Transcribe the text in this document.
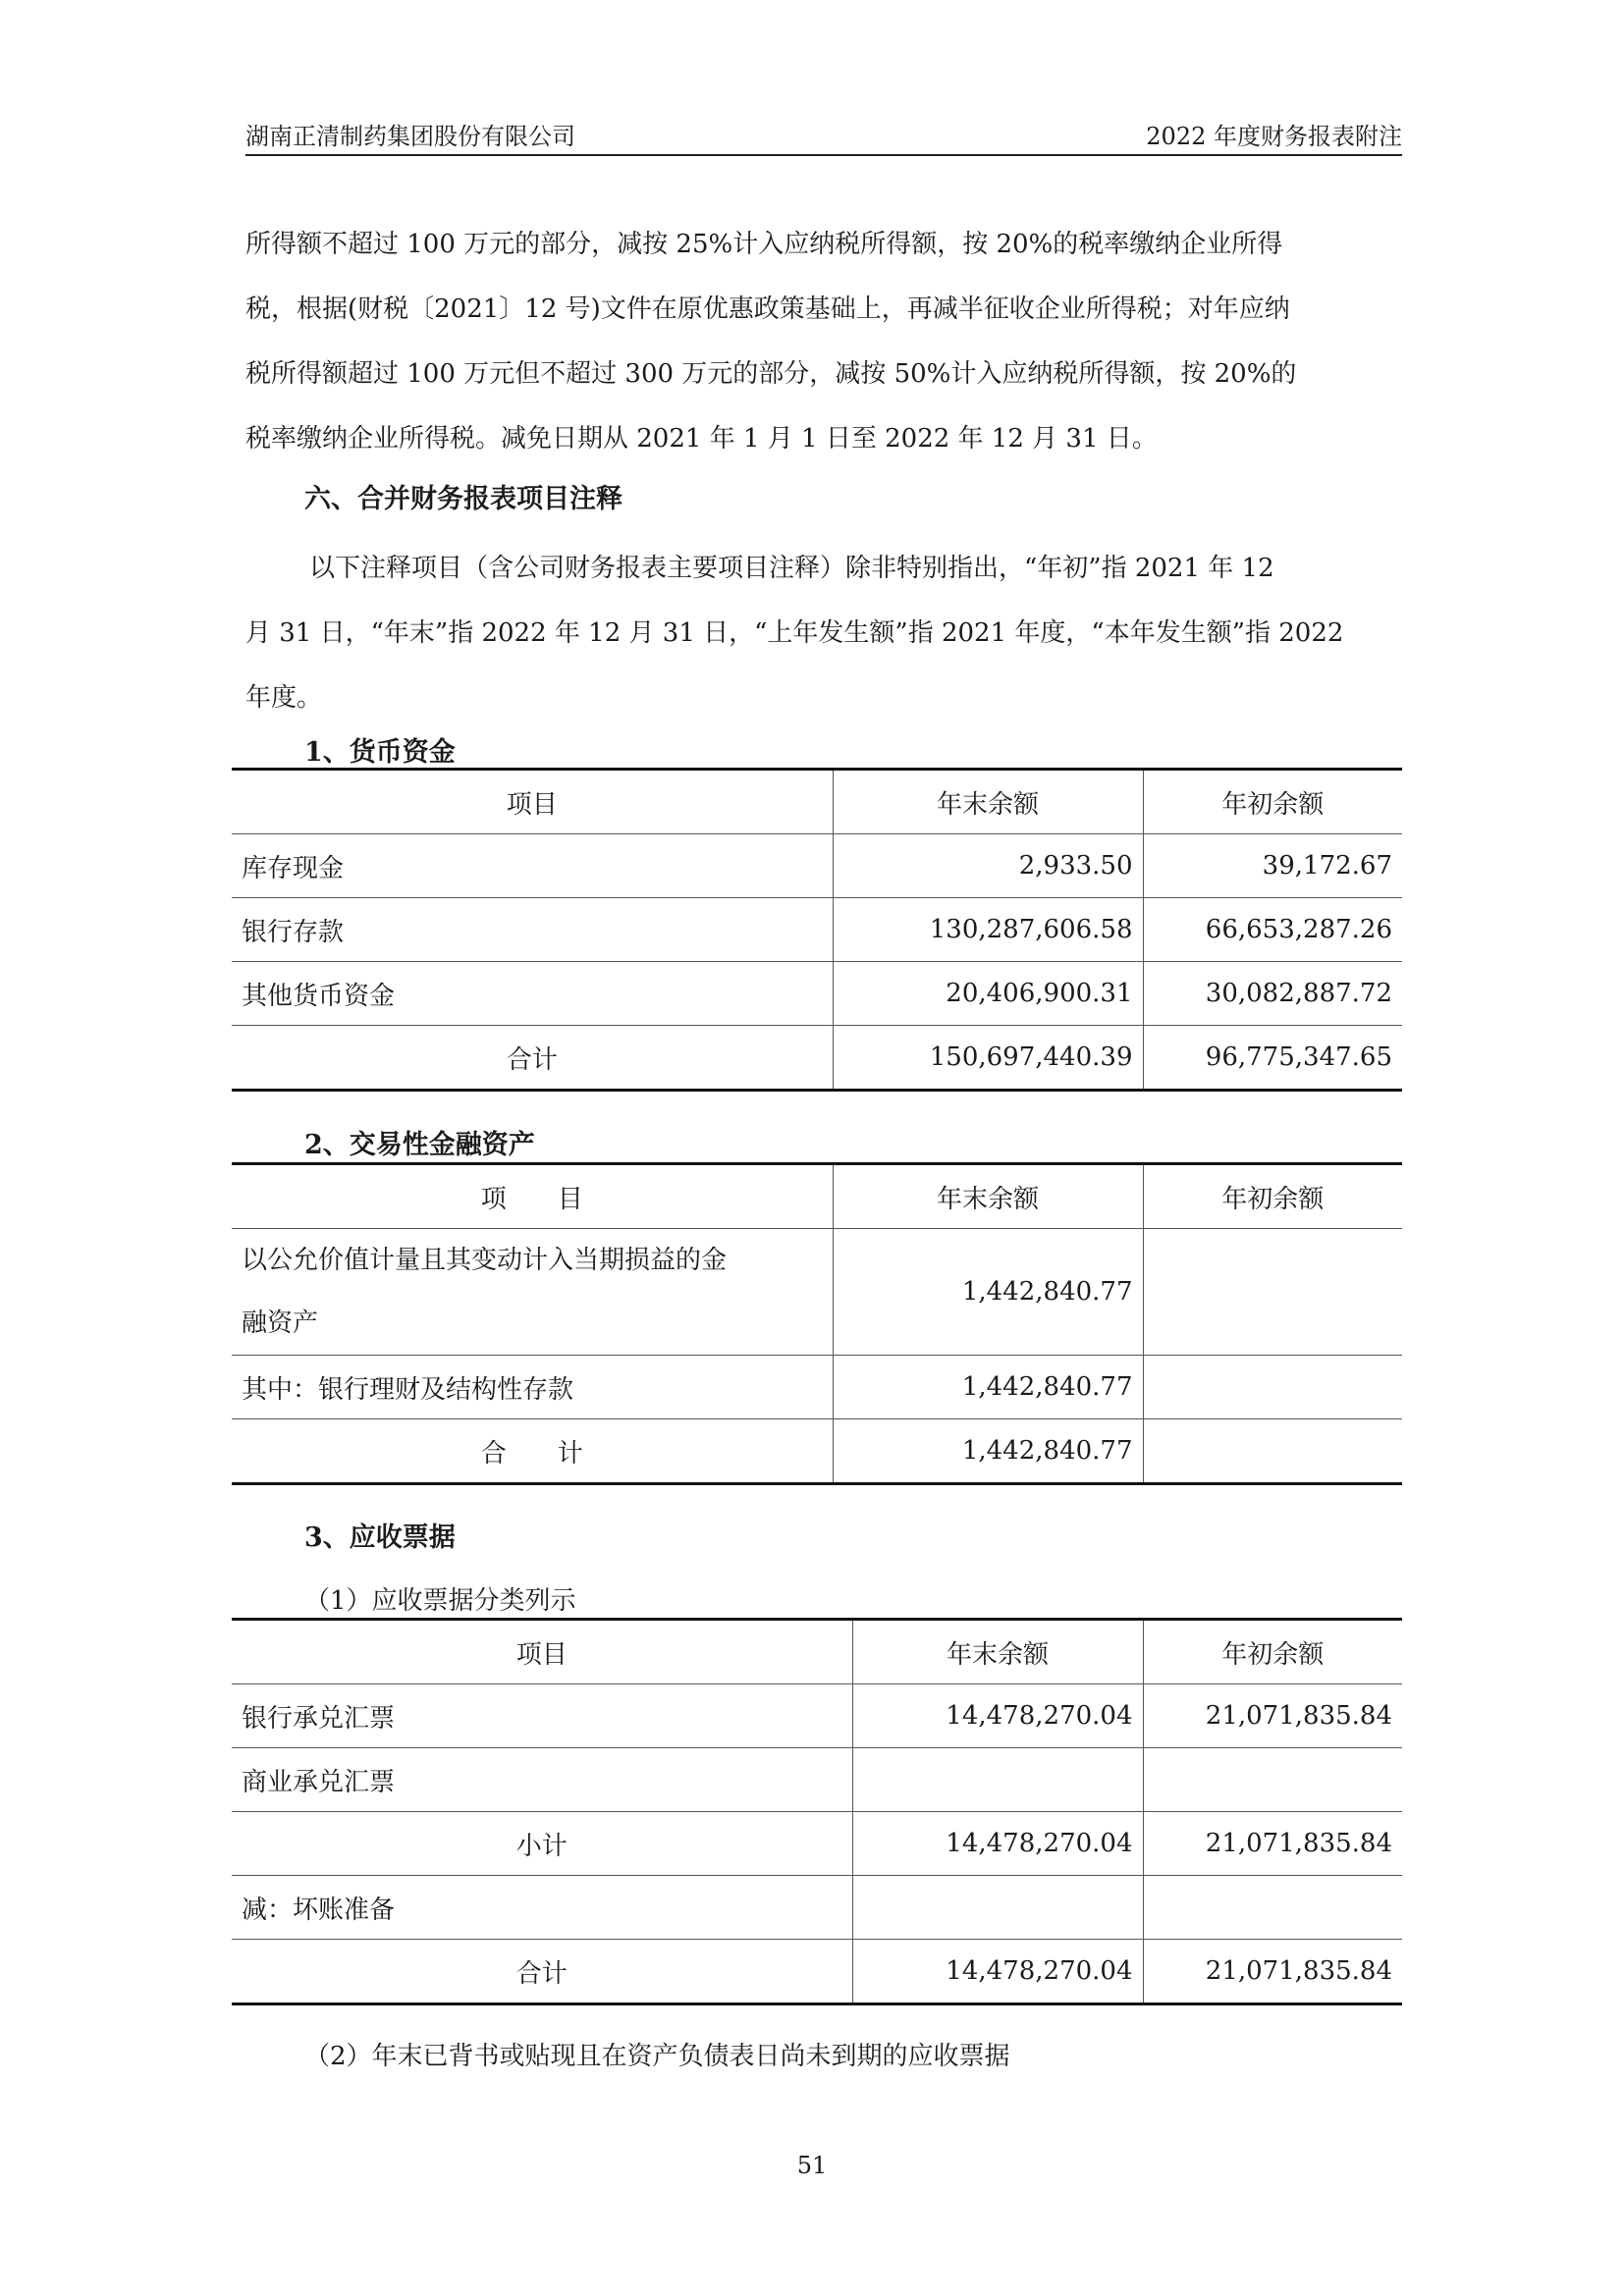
湖南正清制药集团股份有限公司	2022 年度财务报表附注
所得额不超过 100 万元的部分，减按 25%计入应纳税所得额，按 20%的税率缴纳企业所得
税，根据(财税〔2021〕12 号)文件在原优惠政策基础上，再减半征收企业所得税；对年应纳
税所得额超过 100 万元但不超过 300 万元的部分，减按 50%计入应纳税所得额，按 20%的
税率缴纳企业所得税。减免日期从 2021 年 1 月 1 日至 2022 年 12 月 31 日。
六、合并财务报表项目注释
以下注释项目（含公司财务报表主要项目注释）除非特别指出，“年初”指 2021 年 12
月 31 日，“年末”指 2022 年 12 月 31 日，“上年发生额”指 2021 年度，“本年发生额”指 2022
年度。
1、货币资金
项目	年末余额	年初余额
库存现金	2,933.50	39,172.67
银行存款	130,287,606.58	66,653,287.26
其他货币资金	20,406,900.31	30,082,887.72
合计	150,697,440.39	96,775,347.65
2、交易性金融资产
项　　目	年末余额	年初余额

以公允价值计量且其变动计入当期损益的金
融资产	1,442,840.77	
其中：银行理财及结构性存款	1,442,840.77	
合　　计	1,442,840.77	
3、应收票据
（1）应收票据分类列示
项目	年末余额	年初余额
银行承兑汇票	14,478,270.04	21,071,835.84
商业承兑汇票		
小计	14,478,270.04	21,071,835.84
减：坏账准备		
合计	14,478,270.04	21,071,835.84
（2）年末已背书或贴现且在资产负债表日尚未到期的应收票据
51
